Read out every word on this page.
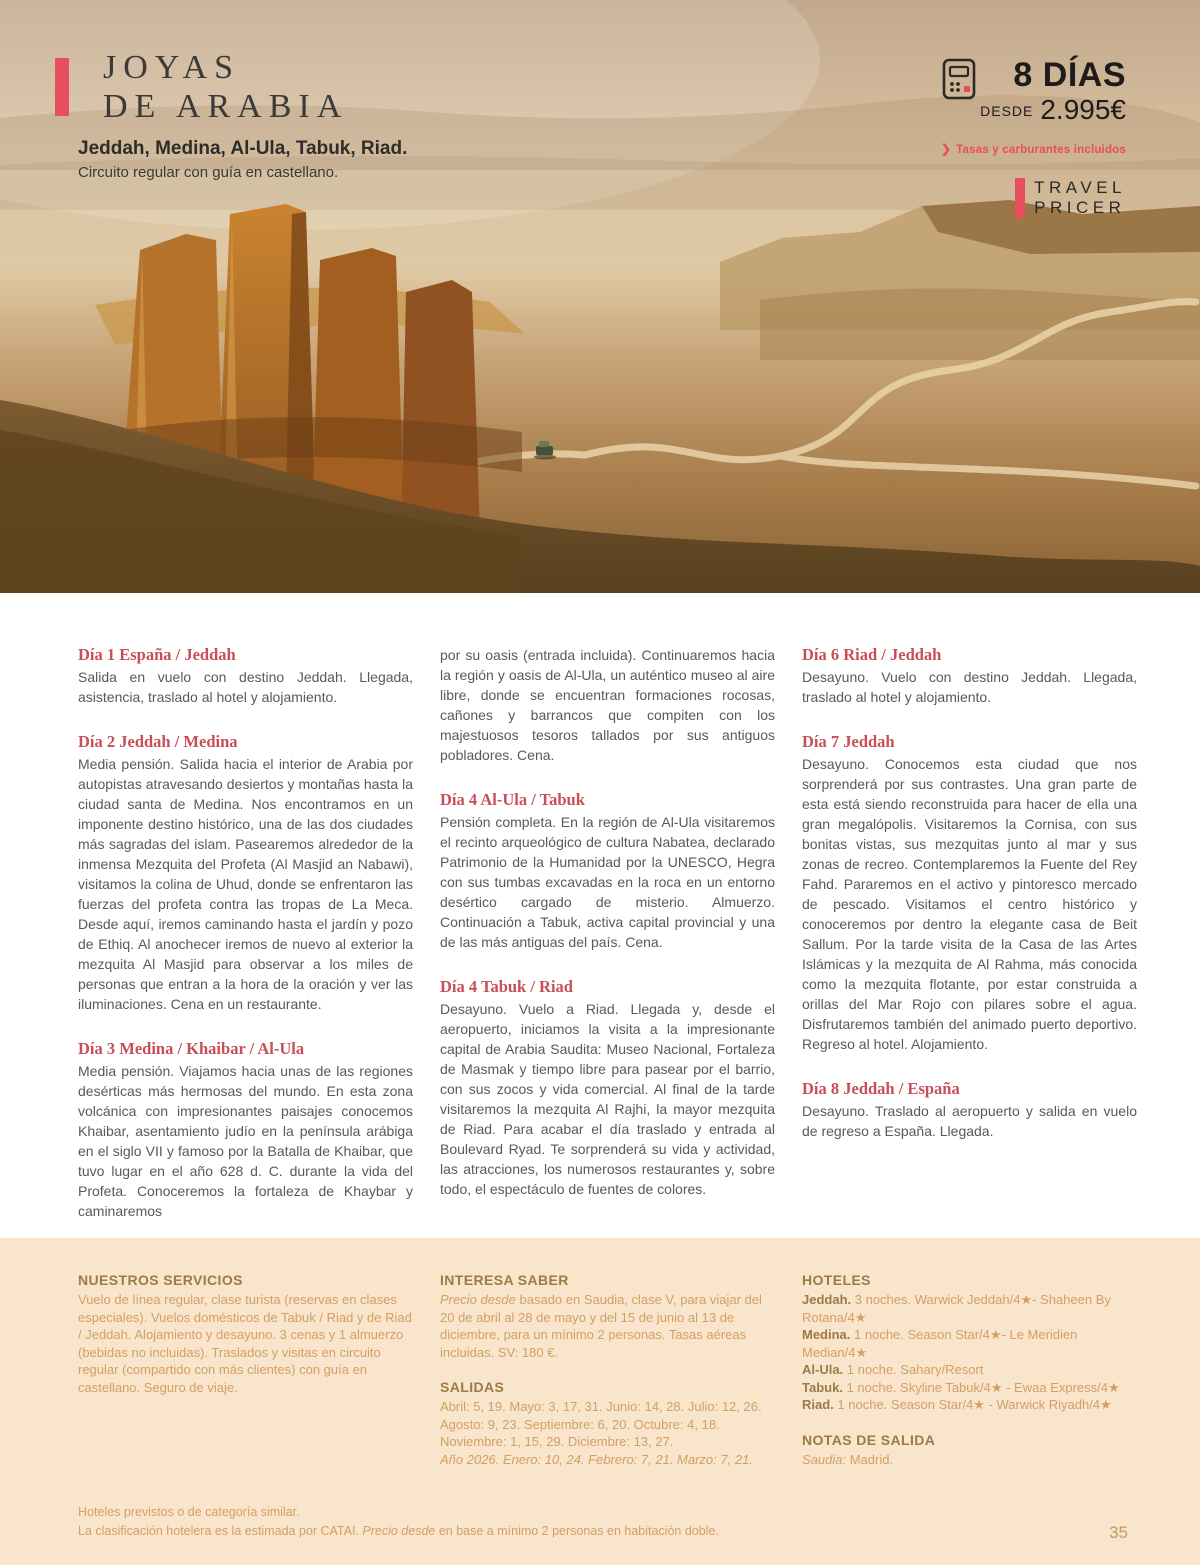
JOYAS
DE ARABIA
Jeddah, Medina, Al-Ula, Tabuk, Riad.
Circuito regular con guía en castellano.
8 DÍAS
DESDE 2.995€
❯ Tasas y carburantes incluidos
TRAVEL
PRICER
Día 1 España / Jeddah

Salida en vuelo con destino Jeddah. Llegada, asistencia, traslado al hotel y alojamiento.

Día 2 Jeddah / Medina

Media pensión. Salida hacia el interior de Arabia por autopistas atravesando desiertos y montañas hasta la ciudad santa de Medina. Nos encontramos en un imponente destino histórico, una de las dos ciudades más sagradas del islam. Pasearemos alrededor de la inmensa Mezquita del Profeta (Al Masjid an Nabawi), visitamos la colina de Uhud, donde se enfrentaron las fuerzas del profeta contra las tropas de La Meca. Desde aquí, iremos caminando hasta el jardín y pozo de Ethiq. Al anochecer iremos de nuevo al exterior la mezquita Al Masjid para observar a los miles de personas que entran a la hora de la oración y ver las iluminaciones. Cena en un restaurante.

Día 3 Medina / Khaibar / Al-Ula

Media pensión. Viajamos hacia unas de las regiones desérticas más hermosas del mundo. En esta zona volcánica con impresionantes paisajes conocemos Khaibar, asentamiento judío en la península arábiga en el siglo VII y famoso por la Batalla de Khaibar, que tuvo lugar en el año 628 d. C. durante la vida del Profeta. Conoceremos la fortaleza de Khaybar y caminaremos

por su oasis (entrada incluida). Continuaremos hacia la región y oasis de Al-Ula, un auténtico museo al aire libre, donde se encuentran formaciones rocosas, cañones y barrancos que compiten con los majestuosos tesoros tallados por sus antiguos pobladores. Cena.

Día 4 Al-Ula / Tabuk

Pensión completa. En la región de Al-Ula visitaremos el recinto arqueológico de cultura Nabatea, declarado Patrimonio de la Humanidad por la UNESCO, Hegra con sus tumbas excavadas en la roca en un entorno desértico cargado de misterio. Almuerzo. Continuación a Tabuk, activa capital provincial y una de las más antiguas del país. Cena.

Día 4 Tabuk / Riad

Desayuno. Vuelo a Riad. Llegada y, desde el aeropuerto, iniciamos la visita a la impresionante capital de Arabia Saudita: Museo Nacional, Fortaleza de Masmak y tiempo libre para pasear por el barrio, con sus zocos y vida comercial. Al final de la tarde visitaremos la mezquita Al Rajhi, la mayor mezquita de Riad. Para acabar el día traslado y entrada al Boulevard Ryad. Te sorprenderá su vida y actividad, las atracciones, los numerosos restaurantes y, sobre todo, el espectáculo de fuentes de colores.

Día 6 Riad / Jeddah

Desayuno. Vuelo con destino Jeddah. Llegada, traslado al hotel y alojamiento.

Día 7 Jeddah

Desayuno. Conocemos esta ciudad que nos sorprenderá por sus contrastes. Una gran parte de esta está siendo reconstruida para hacer de ella una gran megalópolis. Visitaremos la Cornisa, con sus bonitas vistas, sus mezquitas junto al mar y sus zonas de recreo. Contemplaremos la Fuente del Rey Fahd. Pararemos en el activo y pintoresco mercado de pescado. Visitamos el centro histórico y conoceremos por dentro la elegante casa de Beit Sallum. Por la tarde visita de la Casa de las Artes Islámicas y la mezquita de Al Rahma, más conocida como la mezquita flotante, por estar construida a orillas del Mar Rojo con pilares sobre el agua. Disfrutaremos también del animado puerto deportivo. Regreso al hotel. Alojamiento.

Día 8 Jeddah / España

Desayuno. Traslado al aeropuerto y salida en vuelo de regreso a España. Llegada.

NUESTROS SERVICIOS

Vuelo de línea regular, clase turista (reservas en clases especiales). Vuelos domésticos de Tabuk / Riad y de Riad / Jeddah. Alojamiento y desayuno. 3 cenas y 1 almuerzo (bebidas no incluidas). Traslados y visitas en circuito regular (compartido con más clientes) con guía en castellano. Seguro de viaje.

INTERESA SABER

Precio desde basado en Saudia, clase V, para viajar del 20 de abril al 28 de mayo y del 15 de junio al 13 de diciembre, para un mínimo 2 personas. Tasas aéreas incluidas. SV: 180 €.

SALIDAS
Abril: 5, 19. Mayo: 3, 17, 31. Junio: 14, 28. Julio: 12, 26.
Agosto: 9, 23. Septiembre: 6, 20. Octubre: 4, 18.
Noviembre: 1, 15, 29. Diciembre: 13, 27.
Año 2026. Enero: 10, 24. Febrero: 7, 21. Marzo: 7, 21.
HOTELES
Jeddah. 3 noches. Warwick Jeddah/4★- Shaheen By Rotana/4★
Medina. 1 noche. Season Star/4★- Le Meridien Median/4★
Al-Ula. 1 noche. Sahary/Resort
Tabuk. 1 noche. Skyline Tabuk/4★ - Ewaa Express/4★
Riad. 1 noche. Season Star/4★ - Warwick Riyadh/4★
NOTAS DE SALIDA
Saudia: Madrid.
Hoteles previstos o de categoría similar.
La clasificación hotelera es la estimada por CATAI. Precio desde en base a mínimo 2 personas en habitación doble.	35
